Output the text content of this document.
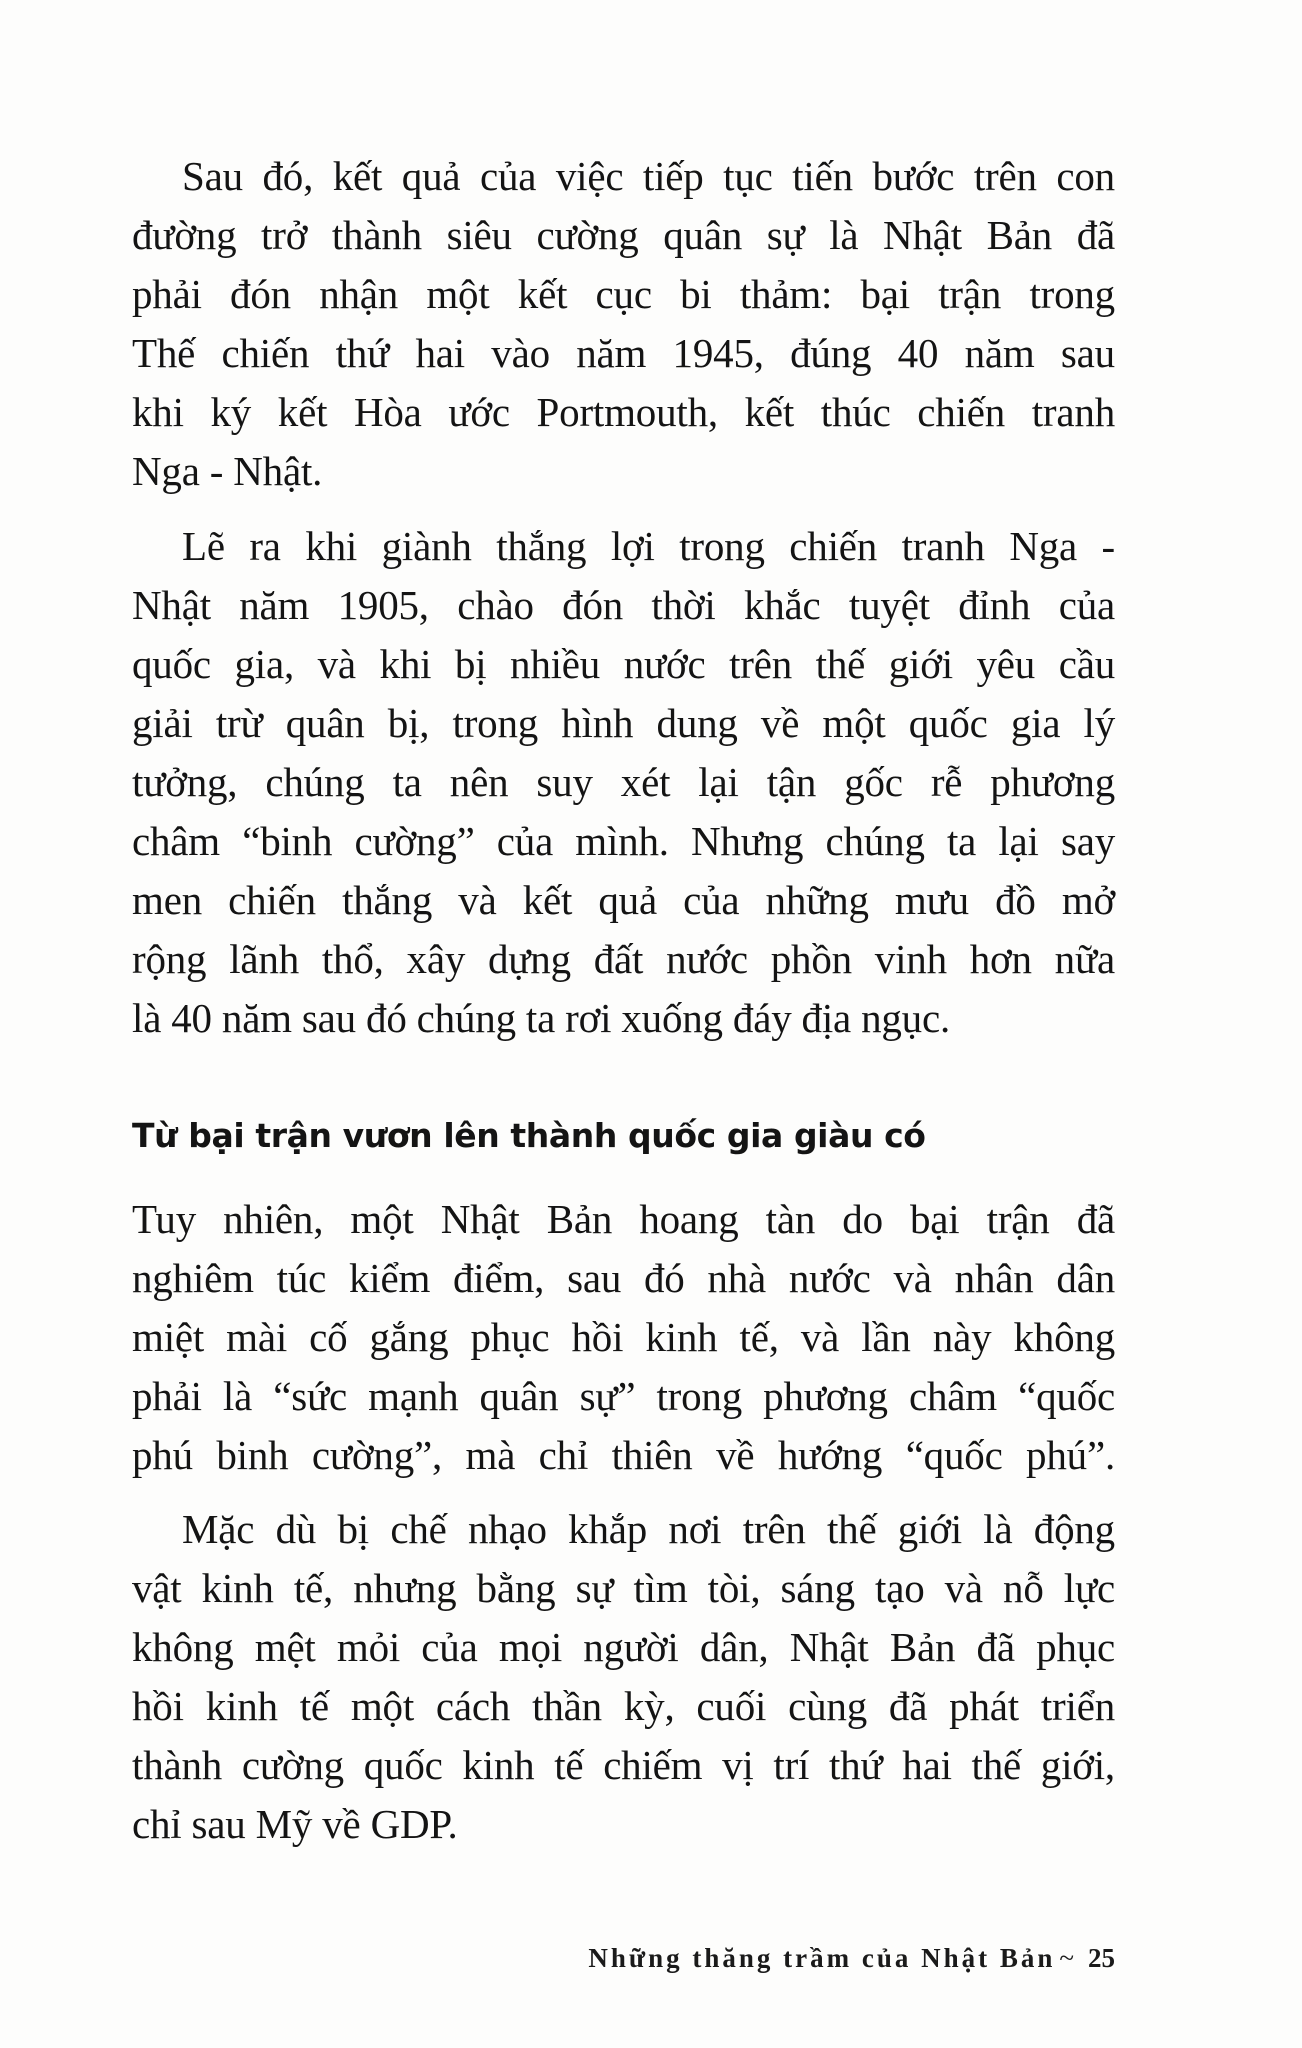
Sau đó, kết quả của việc tiếp tục tiến bước trên con
đường trở thành siêu cường quân sự là Nhật Bản đã
phải đón nhận một kết cục bi thảm: bại trận trong
Thế chiến thứ hai vào năm 1945, đúng 40 năm sau
khi ký kết Hòa ước Portmouth, kết thúc chiến tranh
Nga - Nhật.
Lẽ ra khi giành thắng lợi trong chiến tranh Nga -
Nhật năm 1905, chào đón thời khắc tuyệt đỉnh của
quốc gia, và khi bị nhiều nước trên thế giới yêu cầu
giải trừ quân bị, trong hình dung về một quốc gia lý
tưởng, chúng ta nên suy xét lại tận gốc rễ phương
châm “binh cường” của mình. Nhưng chúng ta lại say
men chiến thắng và kết quả của những mưu đồ mở
rộng lãnh thổ, xây dựng đất nước phồn vinh hơn nữa
là 40 năm sau đó chúng ta rơi xuống đáy địa ngục.
Từ bại trận vươn lên thành quốc gia giàu có
Tuy nhiên, một Nhật Bản hoang tàn do bại trận đã
nghiêm túc kiểm điểm, sau đó nhà nước và nhân dân
miệt mài cố gắng phục hồi kinh tế, và lần này không
phải là “sức mạnh quân sự” trong phương châm “quốc
phú binh cường”, mà chỉ thiên về hướng “quốc phú”.
Mặc dù bị chế nhạo khắp nơi trên thế giới là động
vật kinh tế, nhưng bằng sự tìm tòi, sáng tạo và nỗ lực
không mệt mỏi của mọi người dân, Nhật Bản đã phục
hồi kinh tế một cách thần kỳ, cuối cùng đã phát triển
thành cường quốc kinh tế chiếm vị trí thứ hai thế giới,
chỉ sau Mỹ về GDP.
Những thăng trầm của Nhật Bản ~ 25
